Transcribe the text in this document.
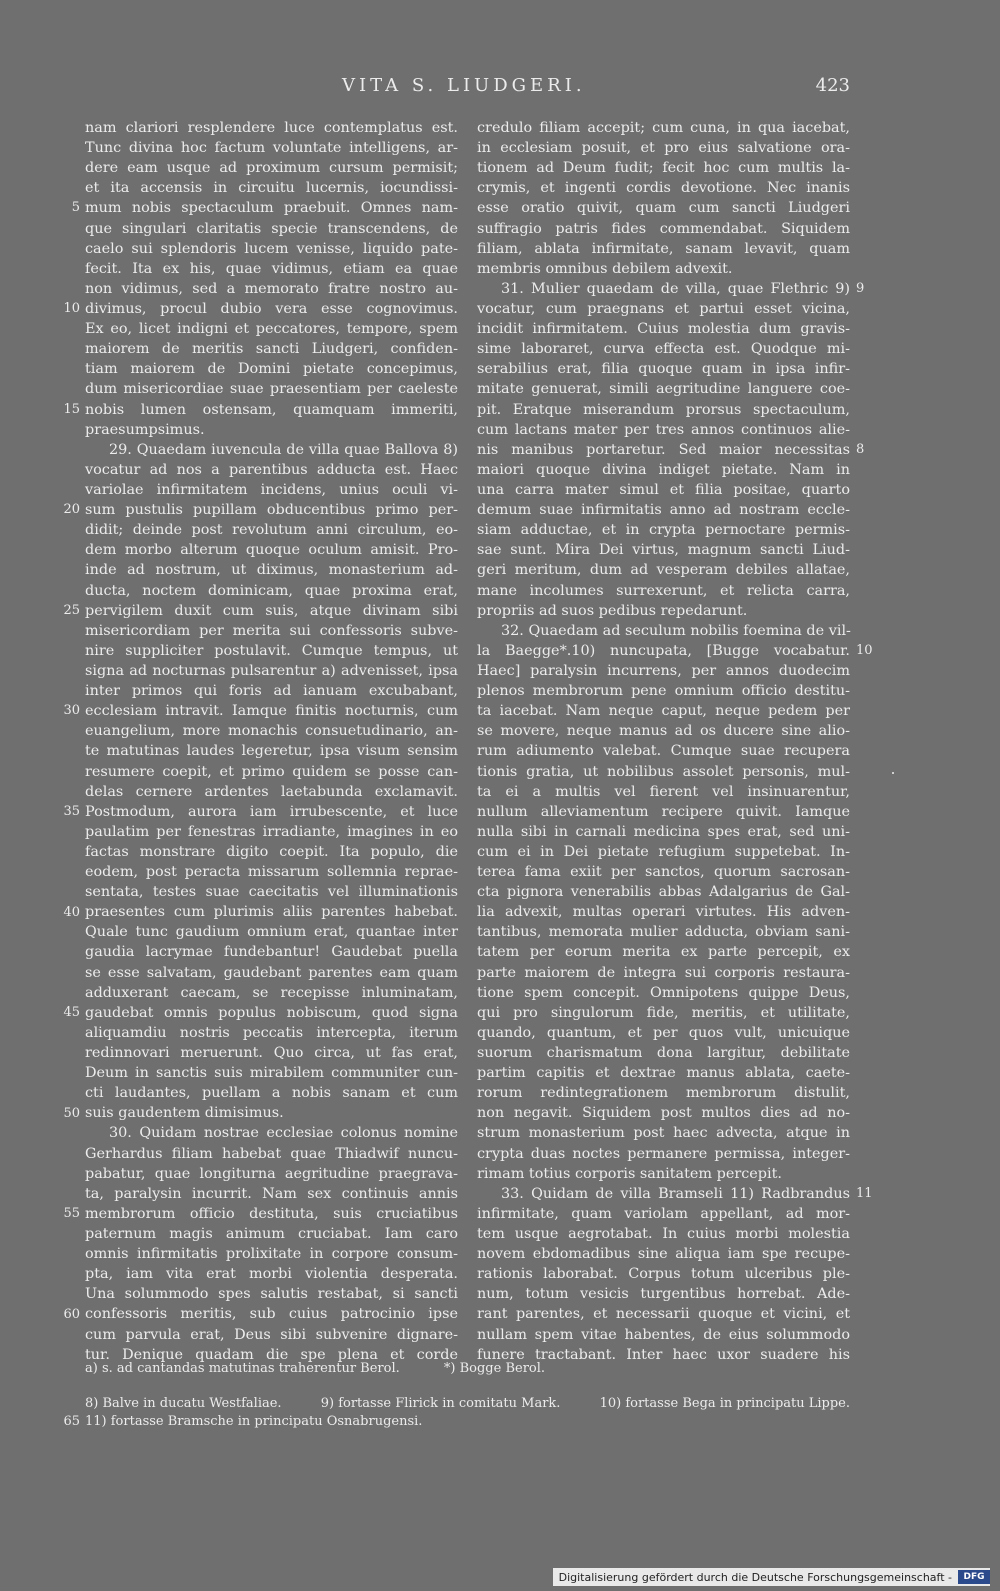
VITA S. LIUDGERI.	423
nam clariori resplendere luce contemplatus est.
Tunc divina hoc factum voluntate intelligens, ar-
dere eam usque ad proximum cursum permisit;
et ita accensis in circuitu lucernis, iocundissi-
mum nobis spectaculum praebuit. Omnes nam-
que singulari claritatis specie transcendens, de
caelo sui splendoris lucem venisse, liquido pate-
fecit. Ita ex his, quae vidimus, etiam ea quae
non vidimus, sed a memorato fratre nostro au-
divimus, procul dubio vera esse cognovimus.
Ex eo, licet indigni et peccatores, tempore, spem
maiorem de meritis sancti Liudgeri, confiden-
tiam maiorem de Domini pietate concepimus,
dum misericordiae suae praesentiam per caeleste
nobis lumen ostensam, quamquam immeriti,
praesumpsimus.
29. Quaedam iuvencula de villa quae Ballova 8)
vocatur ad nos a parentibus adducta est. Haec
variolae infirmitatem incidens, unius oculi vi-
sum pustulis pupillam obducentibus primo per-
didit; deinde post revolutum anni circulum, eo-
dem morbo alterum quoque oculum amisit. Pro-
inde ad nostrum, ut diximus, monasterium ad-
ducta, noctem dominicam, quae proxima erat,
pervigilem duxit cum suis, atque divinam sibi
misericordiam per merita sui confessoris subve-
nire suppliciter postulavit. Cumque tempus, ut
signa ad nocturnas pulsarentur a) advenisset, ipsa
inter primos qui foris ad ianuam excubabant,
ecclesiam intravit. Iamque finitis nocturnis, cum
euangelium, more monachis consuetudinario, an-
te matutinas laudes legeretur, ipsa visum sensim
resumere coepit, et primo quidem se posse can-
delas cernere ardentes laetabunda exclamavit.
Postmodum, aurora iam irrubescente, et luce
paulatim per fenestras irradiante, imagines in eo
factas monstrare digito coepit. Ita populo, die
eodem, post peracta missarum sollemnia reprae-
sentata, testes suae caecitatis vel illuminationis
praesentes cum plurimis aliis parentes habebat.
Quale tunc gaudium omnium erat, quantae inter
gaudia lacrymae fundebantur! Gaudebat puella
se esse salvatam, gaudebant parentes eam quam
adduxerant caecam, se recepisse inluminatam,
gaudebat omnis populus nobiscum, quod signa
aliquamdiu nostris peccatis intercepta, iterum
redinnovari meruerunt. Quo circa, ut fas erat,
Deum in sanctis suis mirabilem communiter cun-
cti laudantes, puellam a nobis sanam et cum
suis gaudentem dimisimus.
30. Quidam nostrae ecclesiae colonus nomine
Gerhardus filiam habebat quae Thiadwif nuncu-
pabatur, quae longiturna aegritudine praegrava-
ta, paralysin incurrit. Nam sex continuis annis
membrorum officio destituta, suis cruciatibus
paternum magis animum cruciabat. Iam caro
omnis infirmitatis prolixitate in corpore consum-
pta, iam vita erat morbi violentia desperata.
Una solummodo spes salutis restabat, si sancti
confessoris meritis, sub cuius patrocinio ipse
cum parvula erat, Deus sibi subvenire dignare-
tur. Denique quadam die spe plena et corde
5
10
15
20
25
30
35
40
45
50
55
60
credulo filiam accepit; cum cuna, in qua iacebat,
in ecclesiam posuit, et pro eius salvatione ora-
tionem ad Deum fudit; fecit hoc cum multis la-
crymis, et ingenti cordis devotione. Nec inanis
esse oratio quivit, quam cum sancti Liudgeri
suffragio patris fides commendabat. Siquidem
filiam, ablata infirmitate, sanam levavit, quam
membris omnibus debilem advexit.
31. Mulier quaedam de villa, quae Flethric 9)
vocatur, cum praegnans et partui esset vicina,
incidit infirmitatem. Cuius molestia dum gravis-
sime laboraret, curva effecta est. Quodque mi-
serabilius erat, filia quoque quam in ipsa infir-
mitate genuerat, simili aegritudine languere coe-
pit. Eratque miserandum prorsus spectaculum,
cum lactans mater per tres annos continuos alie-
nis manibus portaretur. Sed maior necessitas
maiori quoque divina indiget pietate. Nam in
una carra mater simul et filia positae, quarto
demum suae infirmitatis anno ad nostram eccle-
siam adductae, et in crypta pernoctare permis-
sae sunt. Mira Dei virtus, magnum sancti Liud-
geri meritum, dum ad vesperam debiles allatae,
mane incolumes surrexerunt, et relicta carra,
propriis ad suos pedibus repedarunt.
32. Quaedam ad seculum nobilis foemina de vil-
la Baegge*.10) nuncupata, [Bugge vocabatur.
Haec] paralysin incurrens, per annos duodecim
plenos membrorum pene omnium officio destitu-
ta iacebat. Nam neque caput, neque pedem per
se movere, neque manus ad os ducere sine alio-
rum adiumento valebat. Cumque suae recupera
tionis gratia, ut nobilibus assolet personis, mul-
ta ei a multis vel fierent vel insinuarentur,
nullum alleviamentum recipere quivit. Iamque
nulla sibi in carnali medicina spes erat, sed uni-
cum ei in Dei pietate refugium suppetebat. In-
terea fama exiit per sanctos, quorum sacrosan-
cta pignora venerabilis abbas Adalgarius de Gal-
lia advexit, multas operari virtutes. His adven-
tantibus, memorata mulier adducta, obviam sani-
tatem per eorum merita ex parte percepit, ex
parte maiorem de integra sui corporis restaura-
tione spem concepit. Omnipotens quippe Deus,
qui pro singulorum fide, meritis, et utilitate,
quando, quantum, et per quos vult, unicuique
suorum charismatum dona largitur, debilitate
partim capitis et dextrae manus ablata, caete-
rorum redintegrationem membrorum distulit,
non negavit. Siquidem post multos dies ad no-
strum monasterium post haec advecta, atque in
crypta duas noctes permanere permissa, integer-
rimam totius corporis sanitatem percepit.
33. Quidam de villa Bramseli 11) Radbrandus
infirmitate, quam variolam appellant, ad mor-
tem usque aegrotabat. In cuius morbi molestia
novem ebdomadibus sine aliqua iam spe recupe-
rationis laborabat. Corpus totum ulceribus ple-
num, totum vesicis turgentibus horrebat. Ade-
rant parentes, et necessarii quoque et vicini, et
nullam spem vitae habentes, de eius solummodo
funere tractabant. Inter haec uxor suadere his
9
8
10
11
a) s. ad cantandas matutinas traherentur Berol.	*) Bogge Berol.
8) Balve in ducatu Westfaliae.	9) fortasse Flirick in comitatu Mark.	10) fortasse Bega in principatu Lippe.
11) fortasse Bramsche in principatu Osnabrugensi.
65
Digitalisierung gefördert durch die Deutsche Forschungsgemeinschaft -	DFG
